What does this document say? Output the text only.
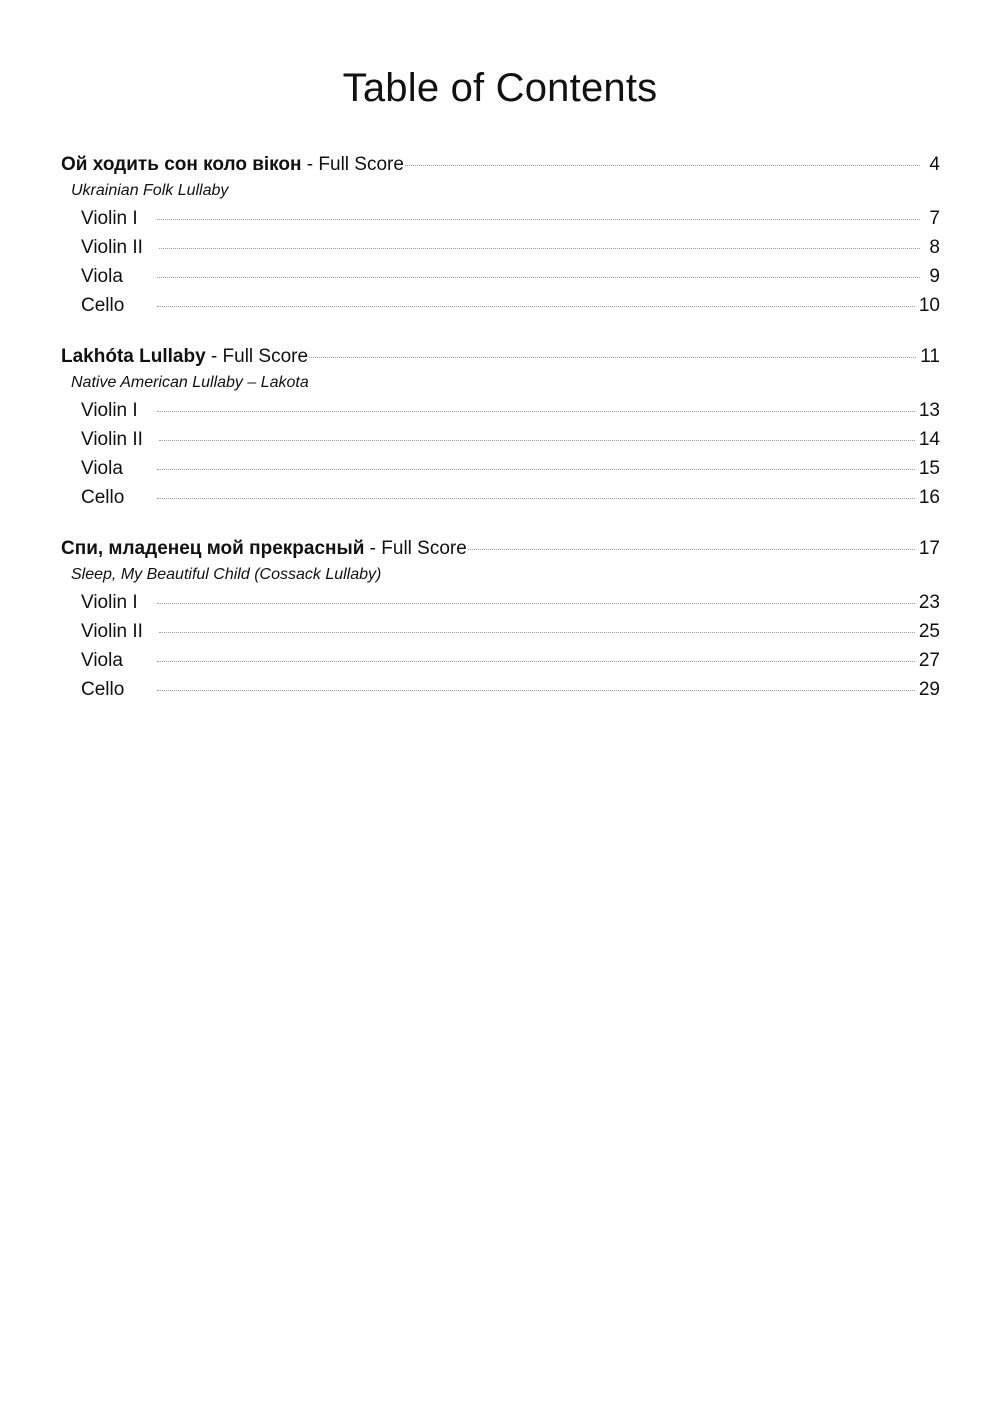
Table of Contents
Ой ходить сон коло вікон - Full Score	4
Ukrainian Folk Lullaby
Violin I	7
Violin II	8
Viola	9
Cello	10
Lakhóta Lullaby - Full Score	11
Native American Lullaby – Lakota
Violin I	13
Violin II	14
Viola	15
Cello	16
Спи, младенец мой прекрасный - Full Score	17
Sleep, My Beautiful Child (Cossack Lullaby)
Violin I	23
Violin II	25
Viola	27
Cello	29
